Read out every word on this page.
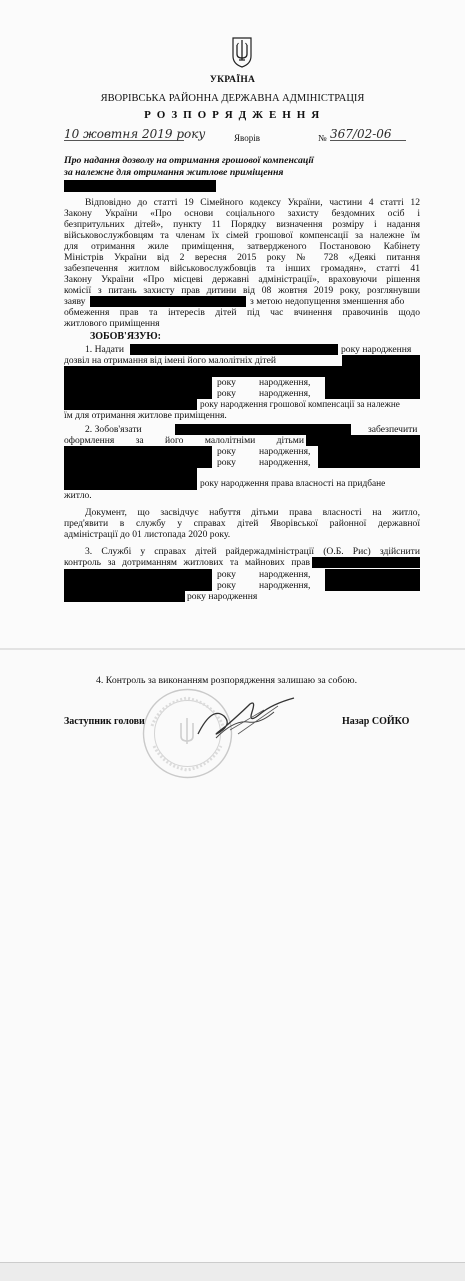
УКРАЇНА
ЯВОРІВСЬКА РАЙОННА ДЕРЖАВНА АДМІНІСТРАЦІЯ
Р О З П О Р Я Д Ж Е Н Н Я
10 жовтня 2019 року	Яворів	№ 367/02-06
Про надання дозволу на отримання грошової компенсації
за належне для отримання житлове приміщення
Відповідно до статті 19 Сімейного кодексу України, частини 4 статті 12
Закону України «Про основи соціального захисту бездомних осіб і
безпритульних дітей», пункту 11 Порядку визначення розміру і надання
військовослужбовцям та членам їх сімей грошової компенсації за належне їм
для отримання жиле приміщення, затвердженого Постановою Кабінету
Міністрів України від 2 вересня 2015 року № 728 «Деякі питання
забезпечення житлом військовослужбовців та інших громадян», статті 41
Закону України «Про місцеві державні адміністрації», враховуючи рішення
комісії з питань захисту прав дитини від 08 жовтня 2019 року, розглянувши
заяву	з метою недопущення зменшення або
обмеження прав та інтересів дітей під час вчинення правочинів щодо
житлового приміщення
ЗОБОВ'ЯЗУЮ:
1. Надати	року народження
дозвіл на отримання від імені його малолітніх дітей
року народження,
року народження,
року народження грошової компенсації за належне
їм для отримання житлове приміщення.
2. Зобов'язати	забезпечити
оформлення за його малолітніми дітьми
року народження,
року народження,
року народження права власності на придбане
житло.
Документ, що засвідчує набуття дітьми права власності на житло,
пред'явити в службу у справах дітей Яворівської районної державної
адміністрації до 01 листопада 2020 року.
3. Службі у справах дітей райдержадміністрації (О.Б. Рис) здійснити
контроль за дотриманням житлових та майнових прав
року народження,
року народження,
року народження
4. Контроль за виконанням розпорядження залишаю за собою.
Заступник голови	Назар СОЙКО
